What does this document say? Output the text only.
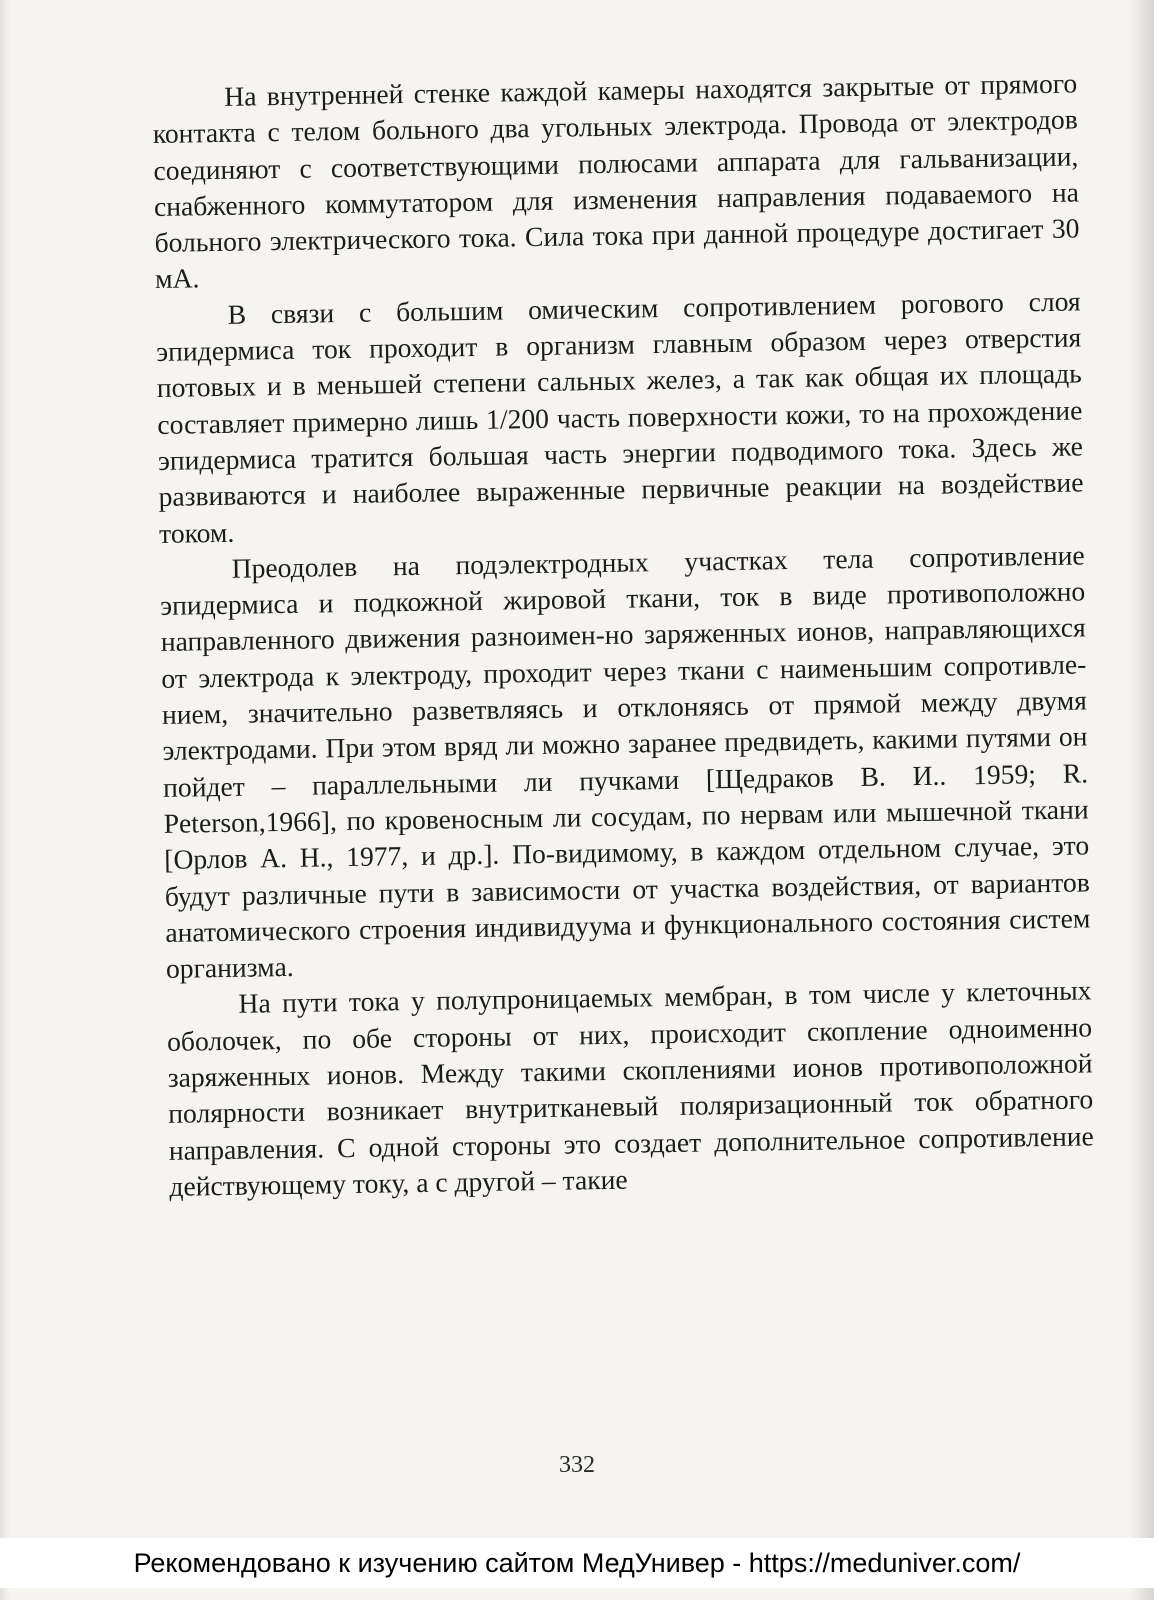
На внутренней стенке каждой камеры находятся закрытые от прямого контакта с телом больного два угольных электрода. Провода от электродов соединяют с соответствующими полюсами аппарата для гальванизации, снабженного коммутатором для изменения направления подаваемого на больного электрического тока. Сила тока при данной процедуре достигает 30 мА.

В связи с большим омическим сопротивлением рогового слоя эпидермиса ток проходит в организм главным образом через отверстия потовых и в меньшей степени сальных желез, а так как общая их площадь составляет примерно лишь 1/200 часть поверхности кожи, то на прохождение эпидермиса тратится большая часть энергии подводимого тока. Здесь же развиваются и наиболее выраженные первичные реакции на воздействие током.

Преодолев на подэлектродных участках тела сопротивление эпидермиса и подкожной жировой ткани, ток в виде противоположно направленного движения разноимен-но заряженных ионов, направляющихся от электрода к электроду, проходит через ткани с наименьшим сопротивле-нием, значительно разветвляясь и отклоняясь от прямой между двумя электродами. При этом вряд ли можно заранее предвидеть, какими путями он пойдет – параллельными ли пучками [Щедраков В. И.. 1959; R. Peterson,1966], по кровеносным ли сосудам, по нервам или мышечной ткани [Орлов А. Н., 1977, и др.]. По-видимому, в каждом отдельном случае, это будут различные пути в зависимости от участка воздействия, от вариантов анатомического строения индивидуума и функционального состояния систем организма.

На пути тока у полупроницаемых мембран, в том числе у клеточных оболочек, по обе стороны от них, происходит скопление одноименно заряженных ионов. Между такими скоплениями ионов противоположной полярности возникает внутритканевый поляризационный ток обратного направления. С одной стороны это создает дополнительное сопротивление действующему току, а с другой – такие

332
Рекомендовано к изучению сайтом МедУнивер - https://meduniver.com/
